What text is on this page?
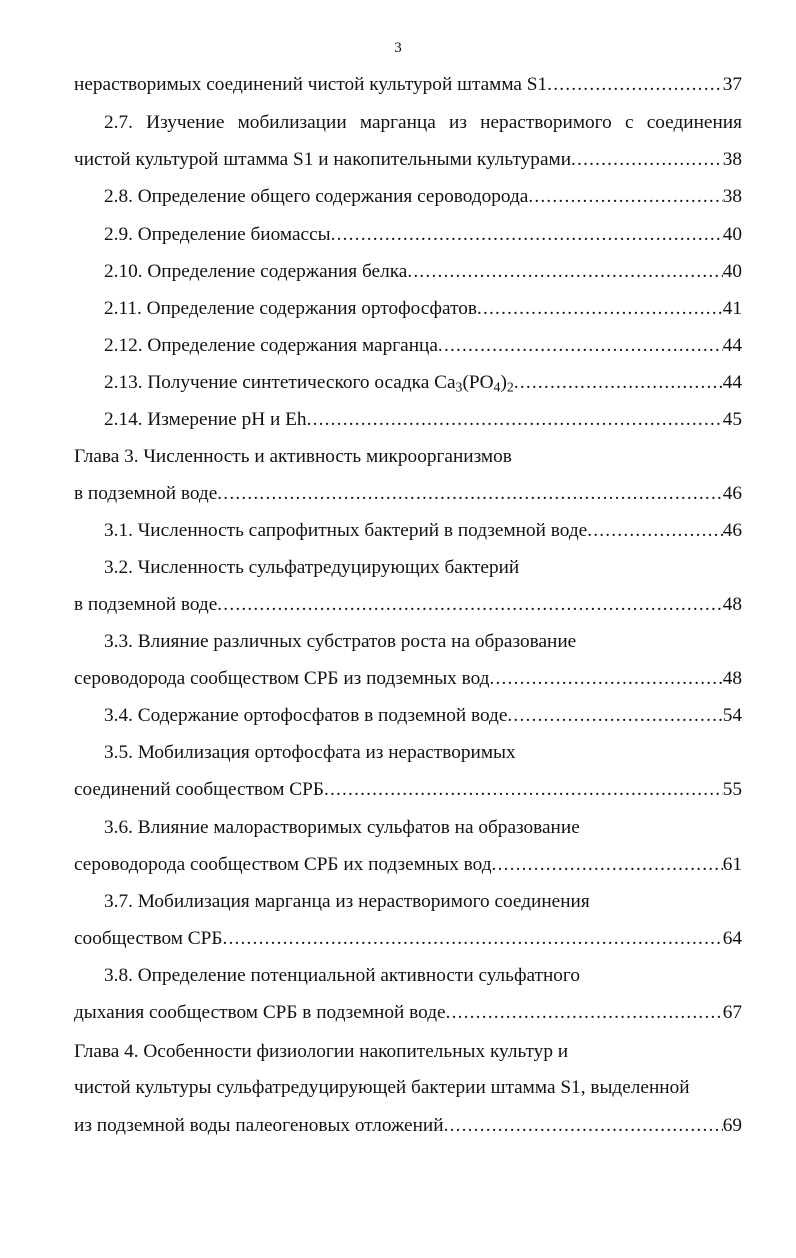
3
нерастворимых соединений чистой культурой штамма S1 .....	37
2.7. Изучение мобилизации марганца из нерастворимого с соединения
чистой культурой штамма S1 и накопительными культурами .....	38
2.8. Определение общего содержания сероводорода .....	38
2.9. Определение биомассы .....	40
2.10. Определение содержания белка .....	40
2.11. Определение содержания ортофосфатов .....	41
2.12. Определение содержания марганца .....	44
2.13. Получение синтетического осадка $Ca_3(PO_4)_2$ .....	44
2.14. Измерение pH и Eh .....	45
Глава 3. Численность и активность микроорганизмов
в подземной воде .....	46
3.1. Численность сапрофитных бактерий в подземной воде .....	46
3.2. Численность сульфатредуцирующих бактерий
в подземной воде .....	48
3.3. Влияние различных субстратов роста на образование
сероводорода сообществом СРБ из подземных вод .....	48
3.4. Содержание ортофосфатов в подземной воде .....	54
3.5. Мобилизация ортофосфата из нерастворимых
соединений сообществом СРБ .....	55
3.6. Влияние малорастворимых сульфатов на образование
сероводорода сообществом СРБ их подземных вод .....	61
3.7. Мобилизация марганца из нерастворимого соединения
сообществом СРБ .....	64
3.8. Определение потенциальной активности сульфатного
дыхания сообществом СРБ в подземной воде .....	67
Глава 4. Особенности физиологии накопительных культур и
чистой культуры сульфатредуцирующей бактерии штамма S1, выделенной
из подземной воды палеогеновых отложений .....	69
